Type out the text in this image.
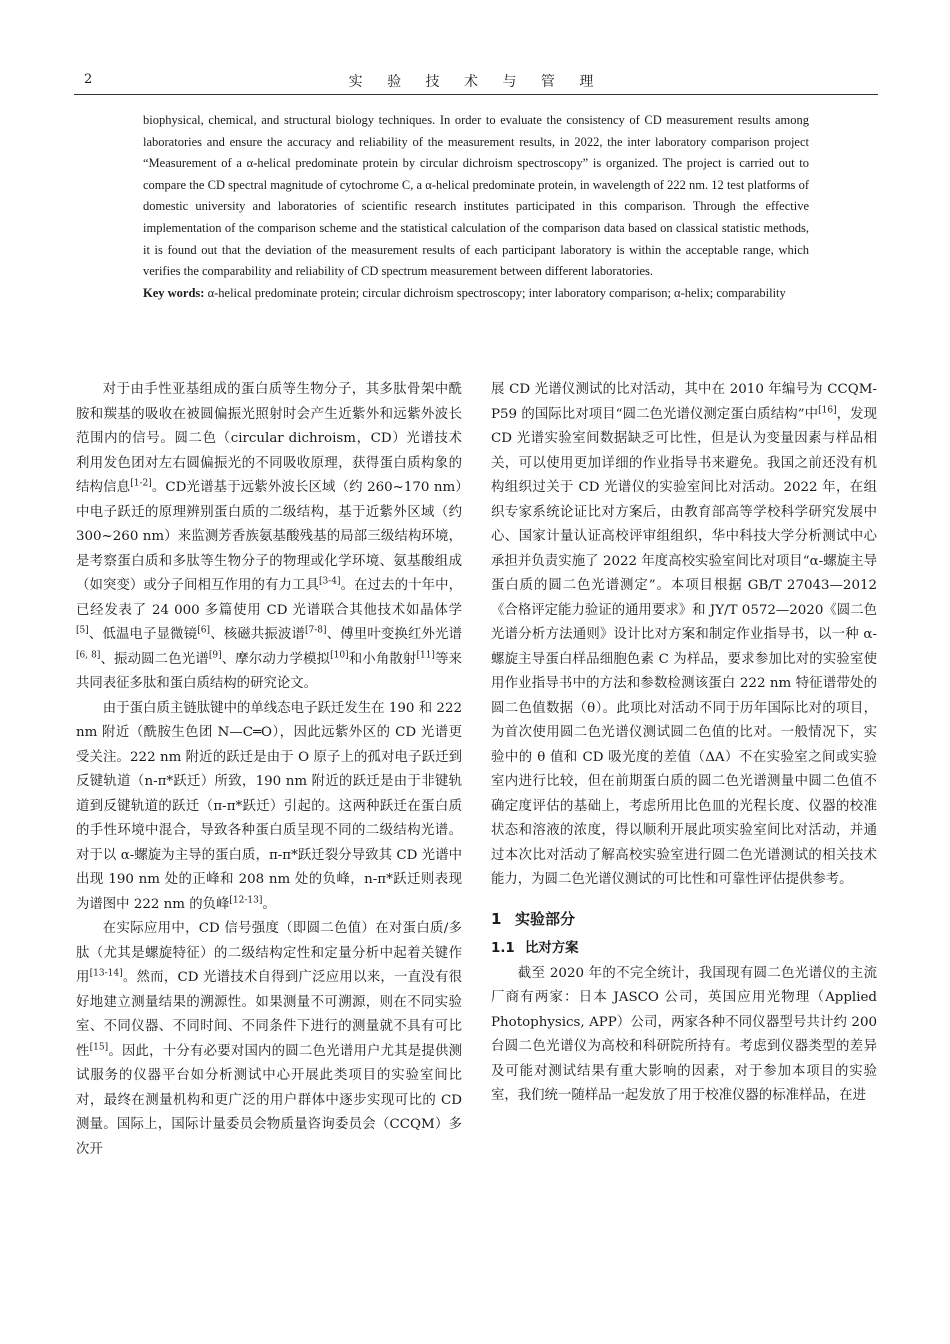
2	实 验 技 术 与 管 理

biophysical, chemical, and structural biology techniques. In order to evaluate the consistency of CD measurement results among laboratories and ensure the accuracy and reliability of the measurement results, in 2022, the inter laboratory comparison project “Measurement of a α-helical predominate protein by circular dichroism spectroscopy” is organized. The project is carried out to compare the CD spectral magnitude of cytochrome C, a α-helical predominate protein, in wavelength of 222 nm. 12 test platforms of domestic university and laboratories of scientific research institutes participated in this comparison. Through the effective implementation of the comparison scheme and the statistical calculation of the comparison data based on classical statistic methods, it is found out that the deviation of the measurement results of each participant laboratory is within the acceptable range, which verifies the comparability and reliability of CD spectrum measurement between different laboratories.

Key words: α-helical predominate protein; circular dichroism spectroscopy; inter laboratory comparison; α-helix; comparability

对于由手性亚基组成的蛋白质等生物分子，其多肽骨架中酰胺和羰基的吸收在被圆偏振光照射时会产生近紫外和远紫外波长范围内的信号。圆二色（circular dichroism，CD）光谱技术利用发色团对左右圆偏振光的不同吸收原理，获得蛋白质构象的结构信息[1-2]。CD光谱基于远紫外波长区域（约 260~170 nm）中电子跃迁的原理辨别蛋白质的二级结构，基于近紫外区域（约300~260 nm）来监测芳香族氨基酸残基的局部三级结构环境，是考察蛋白质和多肽等生物分子的物理或化学环境、氨基酸组成（如突变）或分子间相互作用的有力工具[3-4]。在过去的十年中，已经发表了 24 000 多篇使用 CD 光谱联合其他技术如晶体学[5]、低温电子显微镜[6]、核磁共振波谱[7-8]、傅里叶变换红外光谱[6, 8]、振动圆二色光谱[9]、摩尔动力学模拟[10]和小角散射[11]等来共同表征多肽和蛋白质结构的研究论文。

由于蛋白质主链肽键中的单线态电子跃迁发生在 190 和 222 nm 附近（酰胺生色团 N—C═O），因此远紫外区的 CD 光谱更受关注。222 nm 附近的跃迁是由于 O 原子上的孤对电子跃迁到反键轨道（n-π*跃迁）所致，190 nm 附近的跃迁是由于非键轨道到反键轨道的跃迁（π-π*跃迁）引起的。这两种跃迁在蛋白质的手性环境中混合，导致各种蛋白质呈现不同的二级结构光谱。对于以 α-螺旋为主导的蛋白质，π-π*跃迁裂分导致其 CD 光谱中出现 190 nm 处的正峰和 208 nm 处的负峰，n-π*跃迁则表现为谱图中 222 nm 的负峰[12-13]。

在实际应用中，CD 信号强度（即圆二色值）在对蛋白质/多肽（尤其是螺旋特征）的二级结构定性和定量分析中起着关键作用[13-14]。然而，CD 光谱技术自得到广泛应用以来，一直没有很好地建立测量结果的溯源性。如果测量不可溯源，则在不同实验室、不同仪器、不同时间、不同条件下进行的测量就不具有可比性[15]。因此，十分有必要对国内的圆二色光谱用户尤其是提供测试服务的仪器平台如分析测试中心开展此类项目的实验室间比对，最终在测量机构和更广泛的用户群体中逐步实现可比的 CD 测量。国际上，国际计量委员会物质量咨询委员会（CCQM）多次开

展 CD 光谱仪测试的比对活动，其中在 2010 年编号为 CCQM-P59 的国际比对项目“圆二色光谱仪测定蛋白质结构”中[16]，发现 CD 光谱实验室间数据缺乏可比性，但是认为变量因素与样品相关，可以使用更加详细的作业指导书来避免。我国之前还没有机构组织过关于 CD 光谱仪的实验室间比对活动。2022 年，在组织专家系统论证比对方案后，由教育部高等学校科学研究发展中心、国家计量认证高校评审组组织，华中科技大学分析测试中心承担并负责实施了 2022 年度高校实验室间比对项目“α-螺旋主导蛋白质的圆二色光谱测定”。本项目根据 GB/T 27043—2012《合格评定能力验证的通用要求》和 JY/T 0572—2020《圆二色光谱分析方法通则》设计比对方案和制定作业指导书，以一种 α-螺旋主导蛋白样品细胞色素 C 为样品，要求参加比对的实验室使用作业指导书中的方法和参数检测该蛋白 222 nm 特征谱带处的圆二色值数据（θ）。此项比对活动不同于历年国际比对的项目，为首次使用圆二色光谱仪测试圆二色值的比对。一般情况下，实验中的 θ 值和 CD 吸光度的差值（ΔA）不在实验室之间或实验室内进行比较，但在前期蛋白质的圆二色光谱测量中圆二色值不确定度评估的基础上，考虑所用比色皿的光程长度、仪器的校准状态和溶液的浓度，得以顺利开展此项实验室间比对活动，并通过本次比对活动了解高校实验室进行圆二色光谱测试的相关技术能力，为圆二色光谱仪测试的可比性和可靠性评估提供参考。

1 实验部分
1.1 比对方案

截至 2020 年的不完全统计，我国现有圆二色光谱仪的主流厂商有两家：日本 JASCO 公司，英国应用光物理（Applied Photophysics, APP）公司，两家各种不同仪器型号共计约 200 台圆二色光谱仪为高校和科研院所持有。考虑到仪器类型的差异及可能对测试结果有重大影响的因素，对于参加本项目的实验室，我们统一随样品一起发放了用于校准仪器的标准样品，在进
